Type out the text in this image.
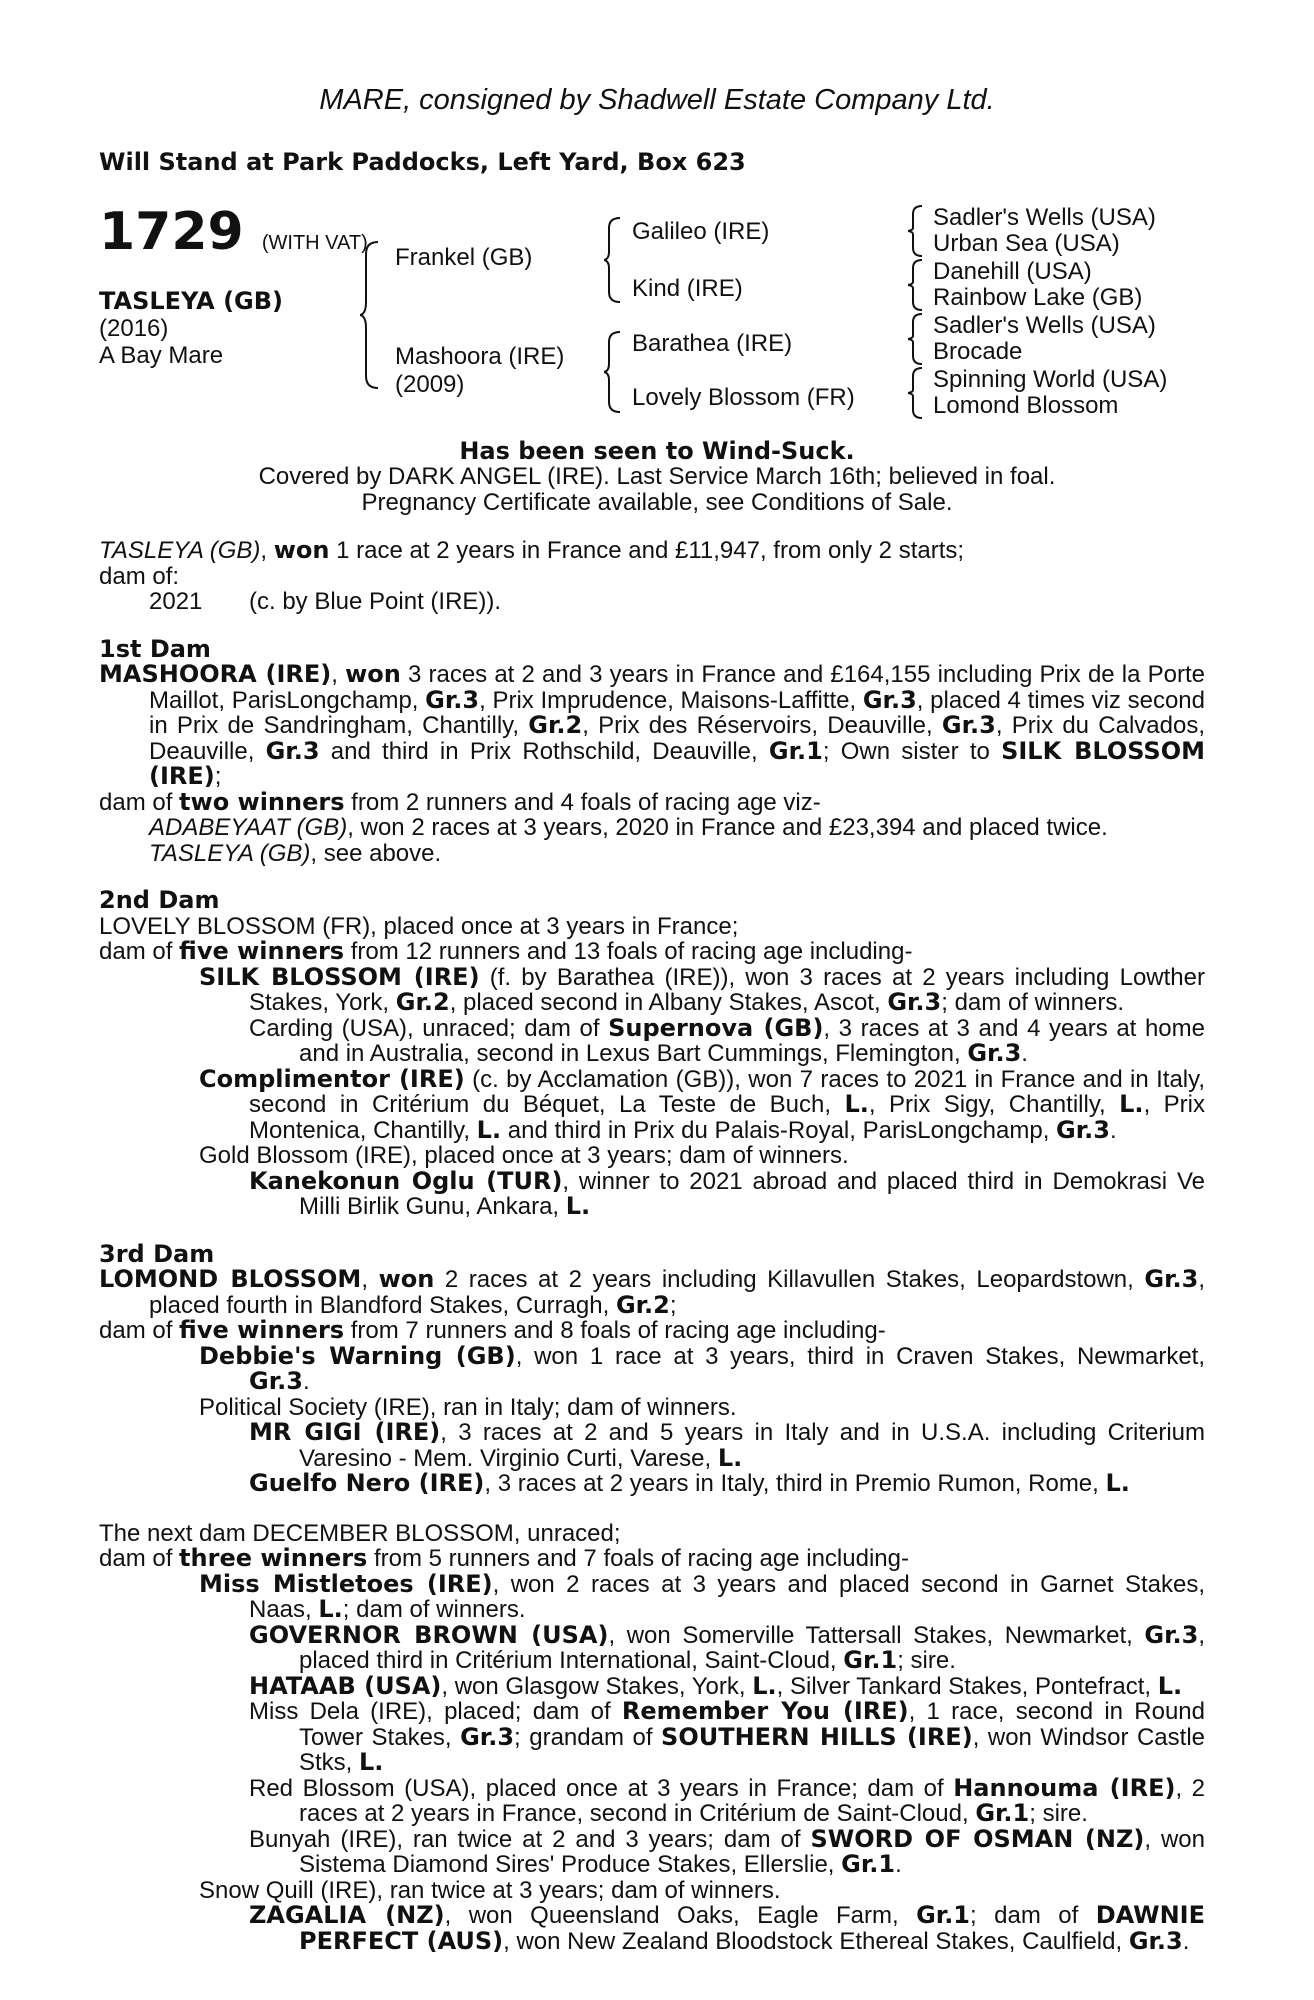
MARE, consigned by Shadwell Estate Company Ltd.
Will Stand at Park Paddocks, Left Yard, Box 623
1729 (WITH VAT)
TASLEYA (GB)
(2016)
A Bay Mare
Frankel (GB)
Mashoora (IRE)
(2009)
Galileo (IRE)
Kind (IRE)
Barathea (IRE)
Lovely Blossom (FR)
Sadler's Wells (USA)
Urban Sea (USA)
Danehill (USA)
Rainbow Lake (GB)
Sadler's Wells (USA)
Brocade
Spinning World (USA)
Lomond Blossom
Has been seen to Wind-Suck.
Covered by DARK ANGEL (IRE). Last Service March 16th; believed in foal.
Pregnancy Certificate available, see Conditions of Sale.

TASLEYA (GB), won 1 race at 2 years in France and £11,947, from only 2 starts;

dam of:

2021 (c. by Blue Point (IRE)).

1st Dam

MASHOORA (IRE), won 3 races at 2 and 3 years in France and £164,155 including Prix de la Porte Maillot, ParisLongchamp, Gr.3, Prix Imprudence, Maisons-Laffitte, Gr.3, placed 4 times viz second in Prix de Sandringham, Chantilly, Gr.2, Prix des Réservoirs, Deauville, Gr.3, Prix du Calvados, Deauville, Gr.3 and third in Prix Rothschild, Deauville, Gr.1; Own sister to SILK BLOSSOM (IRE);

dam of two winners from 2 runners and 4 foals of racing age viz-

ADABEYAAT (GB), won 2 races at 3 years, 2020 in France and £23,394 and placed twice.

TASLEYA (GB), see above.

2nd Dam

LOVELY BLOSSOM (FR), placed once at 3 years in France;

dam of five winners from 12 runners and 13 foals of racing age including-

SILK BLOSSOM (IRE) (f. by Barathea (IRE)), won 3 races at 2 years including Lowther Stakes, York, Gr.2, placed second in Albany Stakes, Ascot, Gr.3; dam of winners.

Carding (USA), unraced; dam of Supernova (GB), 3 races at 3 and 4 years at home and in Australia, second in Lexus Bart Cummings, Flemington, Gr.3.

Complimentor (IRE) (c. by Acclamation (GB)), won 7 races to 2021 in France and in Italy, second in Critérium du Béquet, La Teste de Buch, L., Prix Sigy, Chantilly, L., Prix Montenica, Chantilly, L. and third in Prix du Palais-Royal, ParisLongchamp, Gr.3.

Gold Blossom (IRE), placed once at 3 years; dam of winners.

Kanekonun Oglu (TUR), winner to 2021 abroad and placed third in Demokrasi Ve Milli Birlik Gunu, Ankara, L.

3rd Dam

LOMOND BLOSSOM, won 2 races at 2 years including Killavullen Stakes, Leopardstown, Gr.3, placed fourth in Blandford Stakes, Curragh, Gr.2;

dam of five winners from 7 runners and 8 foals of racing age including-

Debbie's Warning (GB), won 1 race at 3 years, third in Craven Stakes, Newmarket, Gr.3.

Political Society (IRE), ran in Italy; dam of winners.

MR GIGI (IRE), 3 races at 2 and 5 years in Italy and in U.S.A. including Criterium Varesino - Mem. Virginio Curti, Varese, L.

Guelfo Nero (IRE), 3 races at 2 years in Italy, third in Premio Rumon, Rome, L.

The next dam DECEMBER BLOSSOM, unraced;

dam of three winners from 5 runners and 7 foals of racing age including-

Miss Mistletoes (IRE), won 2 races at 3 years and placed second in Garnet Stakes, Naas, L.; dam of winners.

GOVERNOR BROWN (USA), won Somerville Tattersall Stakes, Newmarket, Gr.3, placed third in Critérium International, Saint-Cloud, Gr.1; sire.

HATAAB (USA), won Glasgow Stakes, York, L., Silver Tankard Stakes, Pontefract, L.

Miss Dela (IRE), placed; dam of Remember You (IRE), 1 race, second in Round Tower Stakes, Gr.3; grandam of SOUTHERN HILLS (IRE), won Windsor Castle Stks, L.

Red Blossom (USA), placed once at 3 years in France; dam of Hannouma (IRE), 2 races at 2 years in France, second in Critérium de Saint-Cloud, Gr.1; sire.

Bunyah (IRE), ran twice at 2 and 3 years; dam of SWORD OF OSMAN (NZ), won Sistema Diamond Sires' Produce Stakes, Ellerslie, Gr.1.

Snow Quill (IRE), ran twice at 3 years; dam of winners.

ZAGALIA (NZ), won Queensland Oaks, Eagle Farm, Gr.1; dam of DAWNIE PERFECT (AUS), won New Zealand Bloodstock Ethereal Stakes, Caulfield, Gr.3.
